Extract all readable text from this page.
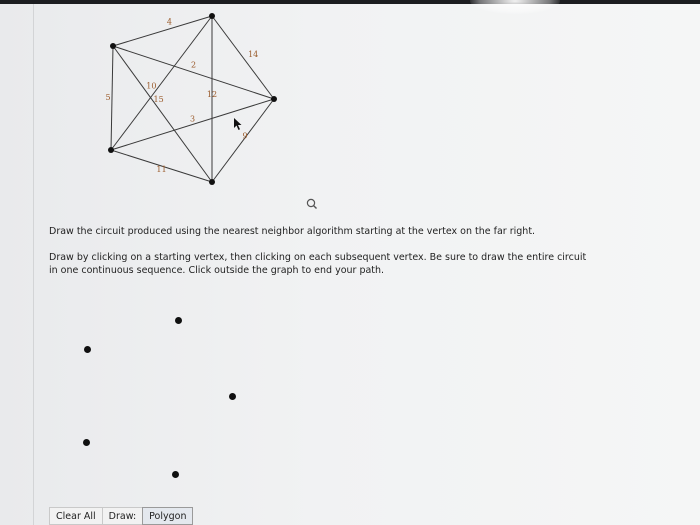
4
14
2
10
5	12
15
3
9
11
Draw the circuit produced using the nearest neighbor algorithm starting at the vertex on the far right.
Draw by clicking on a starting vertex, then clicking on each subsequent vertex. Be sure to draw the entire circuit in one continuous sequence. Click outside the graph to end your path.
Clear All	Draw:	Polygon
